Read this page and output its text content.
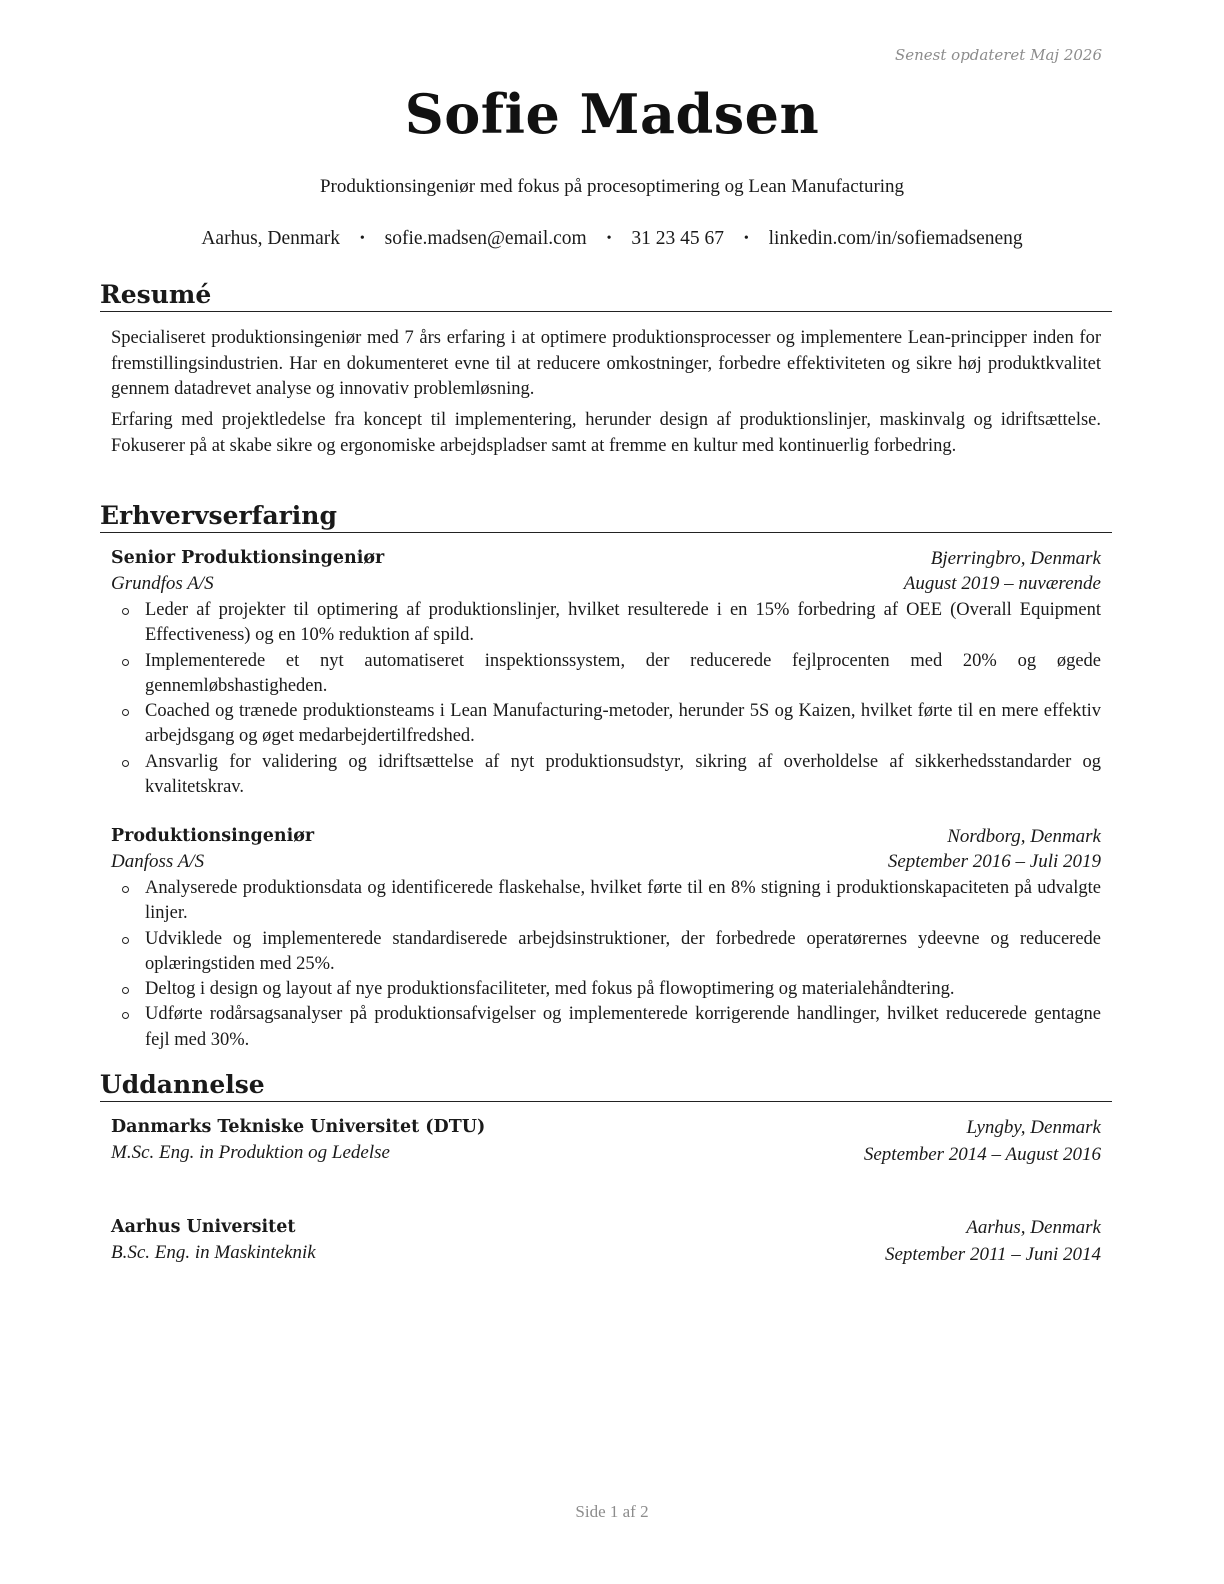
Senest opdateret Maj 2026
Sofie Madsen
Produktionsingeniør med fokus på procesoptimering og Lean Manufacturing
Aarhus, Denmark • sofie.madsen@email.com • 31 23 45 67 • linkedin.com/in/sofiemadseneng
Resumé

Specialiseret produktionsingeniør med 7 års erfaring i at optimere produktionsprocesser og implementere Lean-principper inden for fremstillingsindustrien. Har en dokumenteret evne til at reducere omkostninger, forbedre effektiviteten og sikre høj produktkvalitet gennem datadrevet analyse og innovativ problemløsning.

Erfaring med projektledelse fra koncept til implementering, herunder design af produktionslinjer, maskinvalg og idriftsættelse. Fokuserer på at skabe sikre og ergonomiske arbejdspladser samt at fremme en kultur med kontinuerlig forbedring.

Erhvervserfaring
Senior Produktionsingeniør	Bjerringbro, Denmark
Grundfos A/S	August 2019 – nuværende
Leder af projekter til optimering af produktionslinjer, hvilket resulterede i en 15% forbedring af OEE (Overall Equipment Effectiveness) og en 10% reduktion af spild.
Implementerede et nyt automatiseret inspektionssystem, der reducerede fejlprocenten med 20% og øgede gennemløbshastigheden.
Coached og trænede produktionsteams i Lean Manufacturing-metoder, herunder 5S og Kaizen, hvilket førte til en mere effektiv arbejdsgang og øget medarbejdertilfredshed.
Ansvarlig for validering og idriftsættelse af nyt produktionsudstyr, sikring af overholdelse af sikkerhedsstandarder og kvalitetskrav.
Produktionsingeniør	Nordborg, Denmark
Danfoss A/S	September 2016 – Juli 2019
Analyserede produktionsdata og identificerede flaskehalse, hvilket førte til en 8% stigning i produktionskapaciteten på udvalgte linjer.
Udviklede og implementerede standardiserede arbejdsinstruktioner, der forbedrede operatørernes ydeevne og reducerede oplæringstiden med 25%.
Deltog i design og layout af nye produktionsfaciliteter, med fokus på flowoptimering og materialehåndtering.
Udførte rodårsagsanalyser på produktionsafvigelser og implementerede korrigerende handlinger, hvilket reducerede gentagne fejl med 30%.
Uddannelse
Danmarks Tekniske Universitet (DTU)	Lyngby, Denmark
M.Sc. Eng. in Produktion og Ledelse	September 2014 – August 2016
Aarhus Universitet	Aarhus, Denmark
B.Sc. Eng. in Maskinteknik	September 2011 – Juni 2014
Side 1 af 2
